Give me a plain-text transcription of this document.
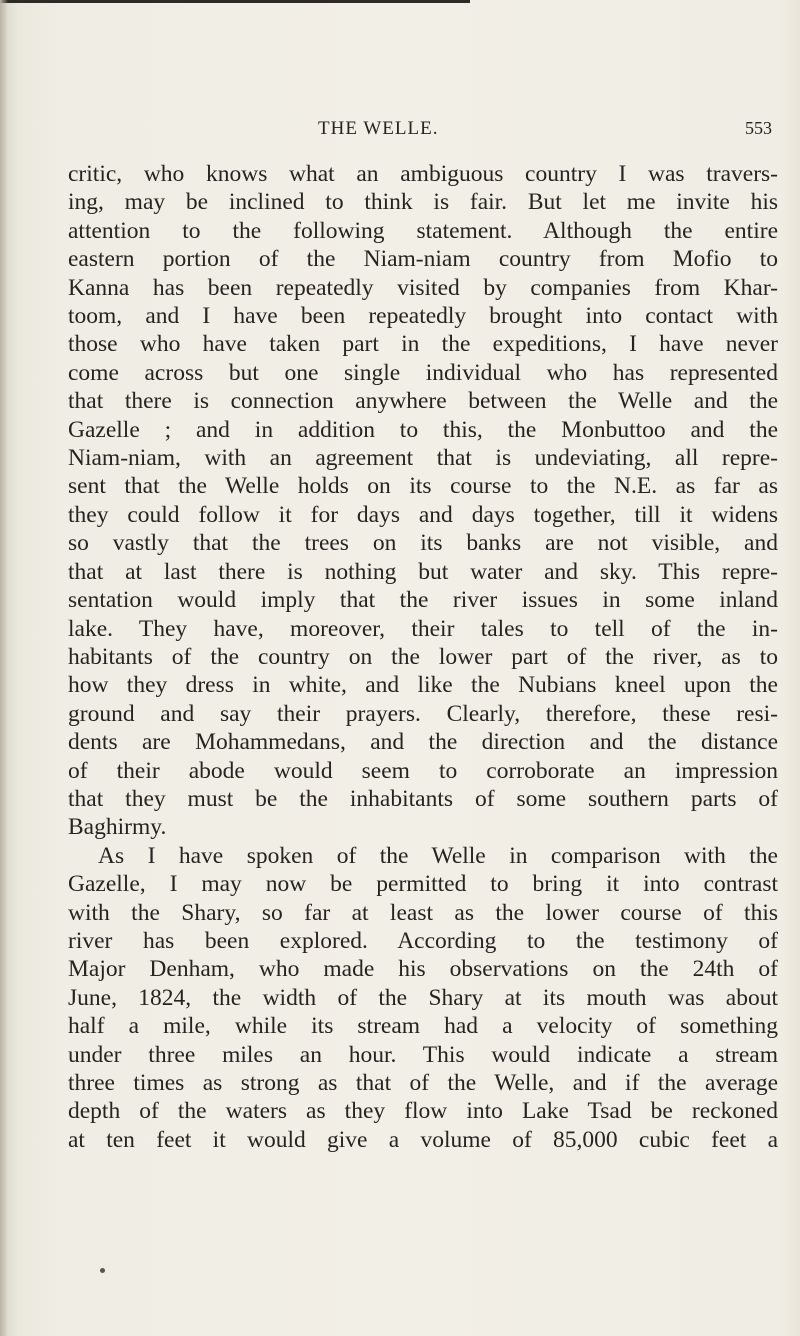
THE WELLE.	553
critic, who knows what an ambiguous country I was travers-
ing, may be inclined to think is fair. But let me invite his
attention to the following statement. Although the entire
eastern portion of the Niam-niam country from Mofio to
Kanna has been repeatedly visited by companies from Khar-
toom, and I have been repeatedly brought into contact with
those who have taken part in the expeditions, I have never
come across but one single individual who has represented
that there is connection anywhere between the Welle and the
Gazelle ; and in addition to this, the Monbuttoo and the
Niam-niam, with an agreement that is undeviating, all repre-
sent that the Welle holds on its course to the N.E. as far as
they could follow it for days and days together, till it widens
so vastly that the trees on its banks are not visible, and
that at last there is nothing but water and sky. This repre-
sentation would imply that the river issues in some inland
lake. They have, moreover, their tales to tell of the in-
habitants of the country on the lower part of the river, as to
how they dress in white, and like the Nubians kneel upon the
ground and say their prayers. Clearly, therefore, these resi-
dents are Mohammedans, and the direction and the distance
of their abode would seem to corroborate an impression
that they must be the inhabitants of some southern parts of
Baghirmy.
As I have spoken of the Welle in comparison with the
Gazelle, I may now be permitted to bring it into contrast
with the Shary, so far at least as the lower course of this
river has been explored. According to the testimony of
Major Denham, who made his observations on the 24th of
June, 1824, the width of the Shary at its mouth was about
half a mile, while its stream had a velocity of something
under three miles an hour. This would indicate a stream
three times as strong as that of the Welle, and if the average
depth of the waters as they flow into Lake Tsad be reckoned
at ten feet it would give a volume of 85,000 cubic feet a
